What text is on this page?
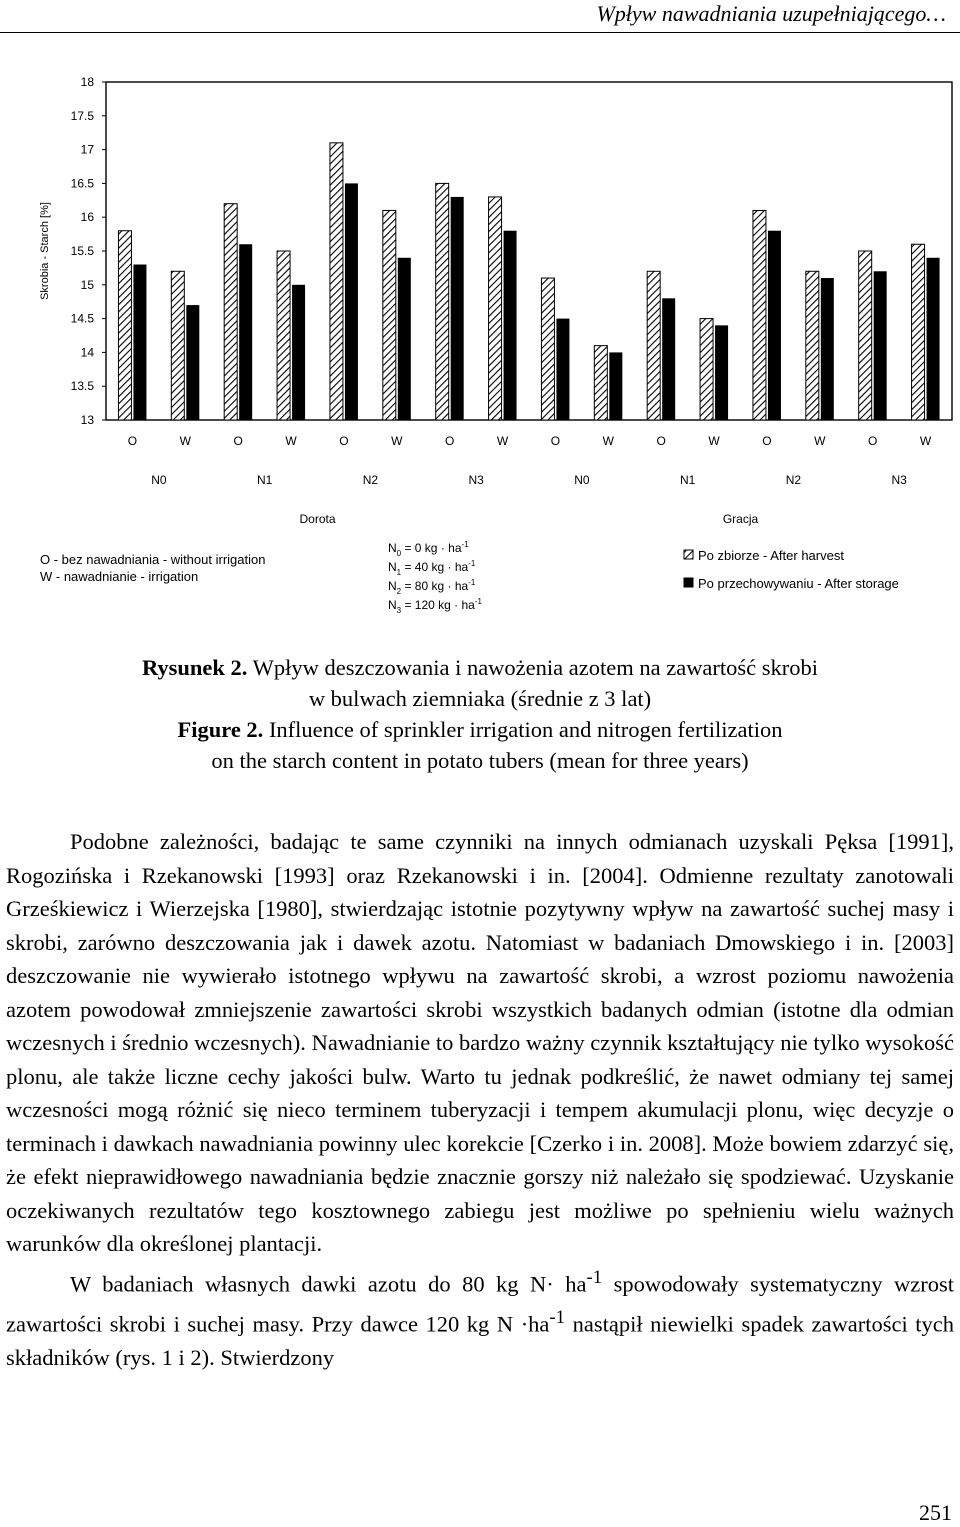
Wpływ nawadniania uzupełniającego…
13
13.5
14
14.5
15
15.5
16
16.5
17
17.5
18
Skrobia - Starch [%]
O	W	O	W	O	W	O	W	O	W	O	W	O	W	O	W
N0	N1	N2	N3	N0	N1	N2	N3
Dorota	Gracja
O - bez nawadniania - without irrigation
W - nawadnianie - irrigation
$N_0 = 0$ kg · $ha^{-1}$
$N_1 = 40$ kg · $ha^{-1}$
$N_2 = 80$ kg · $ha^{-1}$
$N_3 = 120$ kg · $ha^{-1}$
Po zbiorze - After harvest
Po przechowywaniu - After storage
Rysunek 2. Wpływ deszczowania i nawożenia azotem na zawartość skrobi
w bulwach ziemniaka (średnie z 3 lat)
Figure 2. Influence of sprinkler irrigation and nitrogen fertilization
on the starch content in potato tubers (mean for three years)

Podobne zależności, badając te same czynniki na innych odmianach uzyskali Pęksa [1991], Rogozińska i Rzekanowski [1993] oraz Rzekanowski i in. [2004]. Odmienne rezultaty zanotowali Grześkiewicz i Wierzejska [1980], stwierdzając istotnie pozytywny wpływ na zawartość suchej masy i skrobi, zarówno deszczowania jak i dawek azotu. Natomiast w badaniach Dmowskiego i in. [2003] deszczowanie nie wywierało istotnego wpływu na zawartość skrobi, a wzrost poziomu nawożenia azotem powodował zmniejszenie zawartości skrobi wszystkich badanych odmian (istotne dla odmian wczesnych i średnio wczesnych). Nawadnianie to bardzo ważny czynnik kształtujący nie tylko wysokość plonu, ale także liczne cechy jakości bulw. Warto tu jednak podkreślić, że nawet odmiany tej samej wczesności mogą różnić się nieco terminem tuberyzacji i tempem akumulacji plonu, więc decyzje o terminach i dawkach nawadniania powinny ulec korekcie [Czerko i in. 2008]. Może bowiem zdarzyć się, że efekt nieprawidłowego nawadniania będzie znacznie gorszy niż należało się spodziewać. Uzyskanie oczekiwanych rezultatów tego kosztownego zabiegu jest możliwe po spełnieniu wielu ważnych warunków dla określonej plantacji.

W badaniach własnych dawki azotu do 80 kg $N\cdot ha^{-1}$ spowodowały systematyczny wzrost zawartości skrobi i suchej masy. Przy dawce 120 kg $N \cdot ha^{-1}$ nastąpił niewielki spadek zawartości tych składników (rys. 1 i 2). Stwierdzony

251
